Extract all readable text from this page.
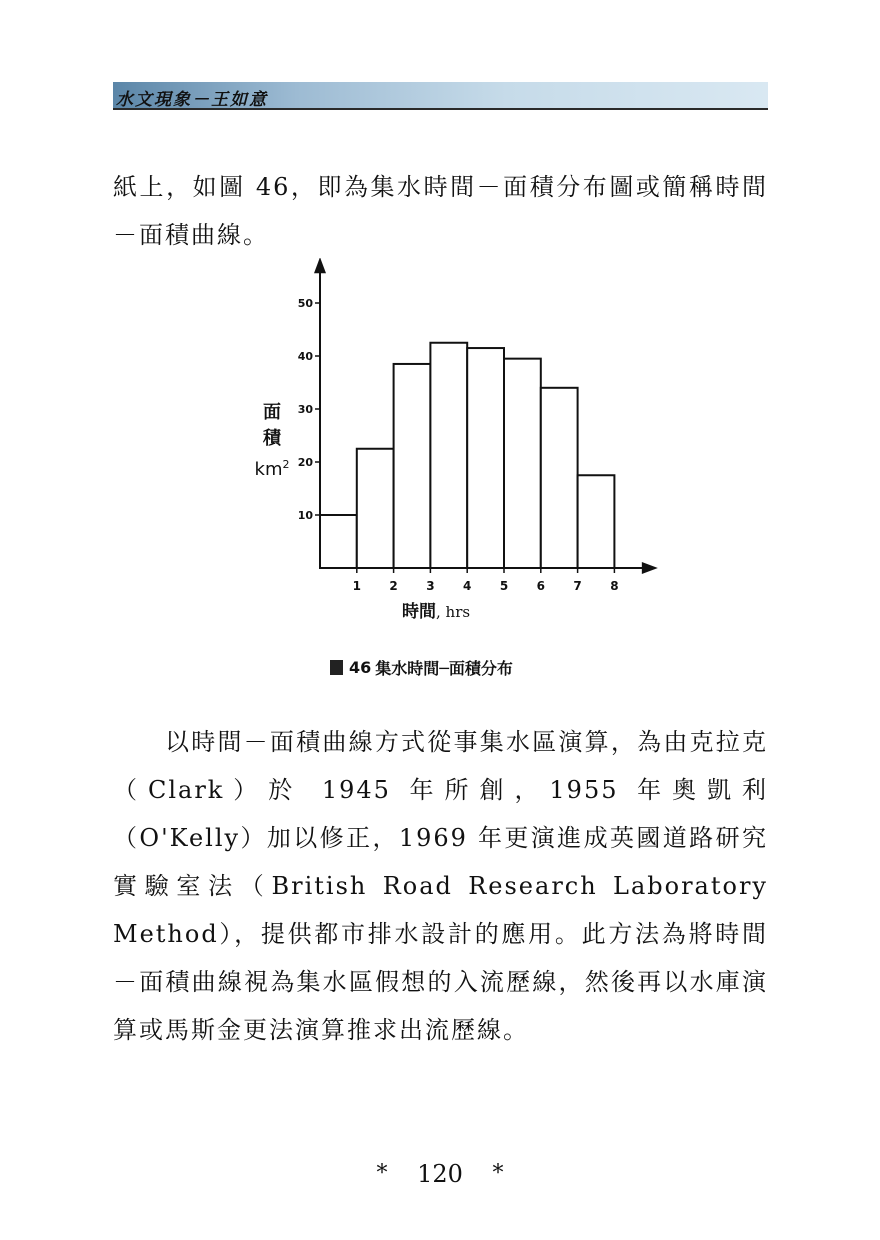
水文現象－王如意

紙上，如圖 46，即為集水時間－面積分布圖或簡稱時間－面積曲線。

1 2 3 4 5 6 7 8
10
20
30
40
50
面
積
$km^2$
時間, hrs
46 集水時間─面積分布

以時間－面積曲線方式從事集水區演算，為由克拉克（Clark）於 1945 年所創，1955 年奧凱利（O'Kelly）加以修正，1969 年更演進成英國道路研究實驗室法（British Road Research Laboratory Method），提供都市排水設計的應用。此方法為將時間－面積曲線視為集水區假想的入流歷線，然後再以水庫演算或馬斯金更法演算推求出流歷線。

* 120 *
